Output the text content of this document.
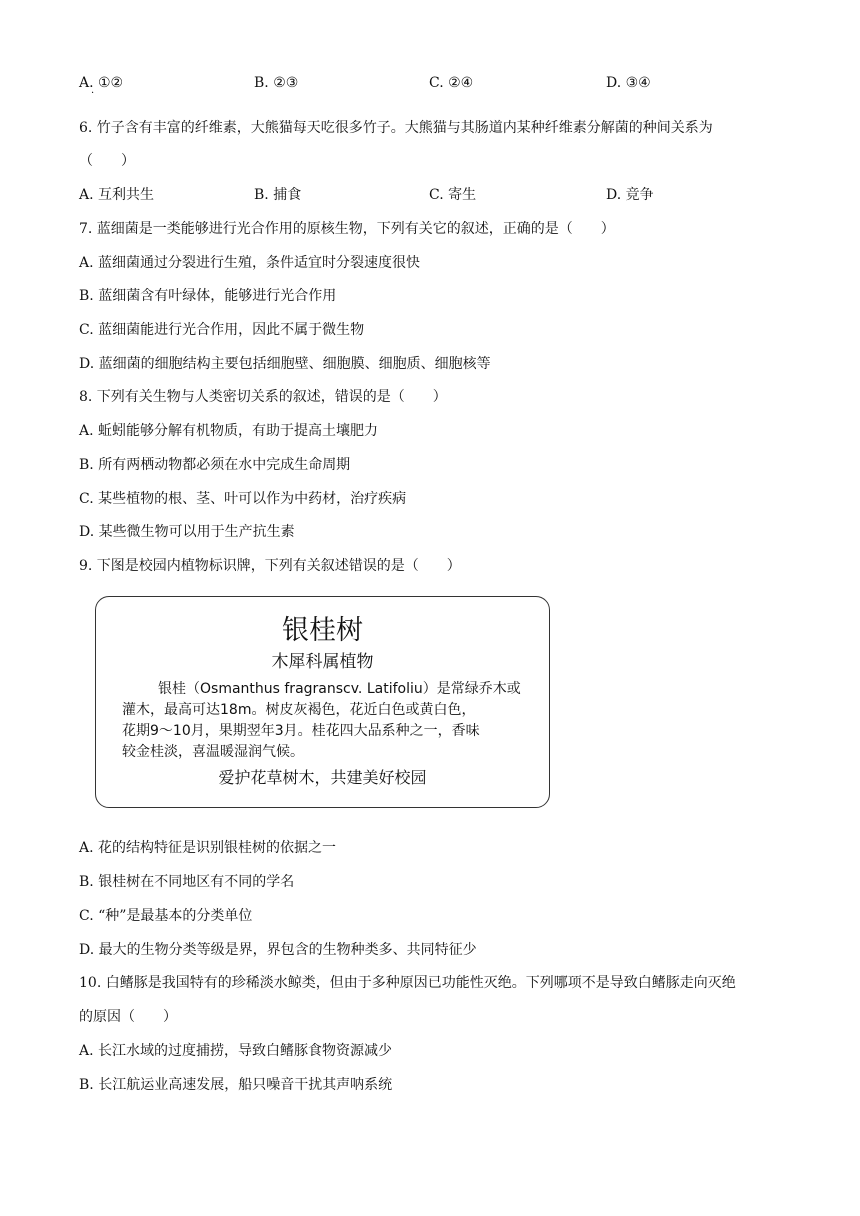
A. ①②
·
B. ②③	C. ②④	D. ③④
6. 竹子含有丰富的纤维素，大熊猫每天吃很多竹子。大熊猫与其肠道内某种纤维素分解菌的种间关系为
（　　）
A. 互利共生	B. 捕食	C. 寄生	D. 竞争
7. 蓝细菌是一类能够进行光合作用的原核生物，下列有关它的叙述，正确的是（　　）
A. 蓝细菌通过分裂进行生殖，条件适宜时分裂速度很快
B. 蓝细菌含有叶绿体，能够进行光合作用
C. 蓝细菌能进行光合作用，因此不属于微生物
D. 蓝细菌的细胞结构主要包括细胞壁、细胞膜、细胞质、细胞核等
8. 下列有关生物与人类密切关系的叙述，错误的是（　　）
A. 蚯蚓能够分解有机物质，有助于提高土壤肥力
B. 所有两栖动物都必须在水中完成生命周期
C. 某些植物的根、茎、叶可以作为中药材，治疗疾病
D. 某些微生物可以用于生产抗生素
9. 下图是校园内植物标识牌，下列有关叙述错误的是（　　）
银桂树
木犀科属植物
银桂（Osmanthus fragranscv. Latifoliu）是常绿乔木或
灌木，最高可达18m。树皮灰褐色，花近白色或黄白色，
花期9～10月，果期翌年3月。桂花四大品系种之一，香味
较金桂淡，喜温暖湿润气候。
爱护花草树木，共建美好校园
A. 花的结构特征是识别银桂树的依据之一
B. 银桂树在不同地区有不同的学名
C. “种”是最基本的分类单位
D. 最大的生物分类等级是界，界包含的生物种类多、共同特征少
10. 白鳍豚是我国特有的珍稀淡水鲸类，但由于多种原因已功能性灭绝。下列哪项不是导致白鳍豚走向灭绝
的原因（　　）
A. 长江水域的过度捕捞，导致白鳍豚食物资源减少
B. 长江航运业高速发展，船只噪音干扰其声呐系统
